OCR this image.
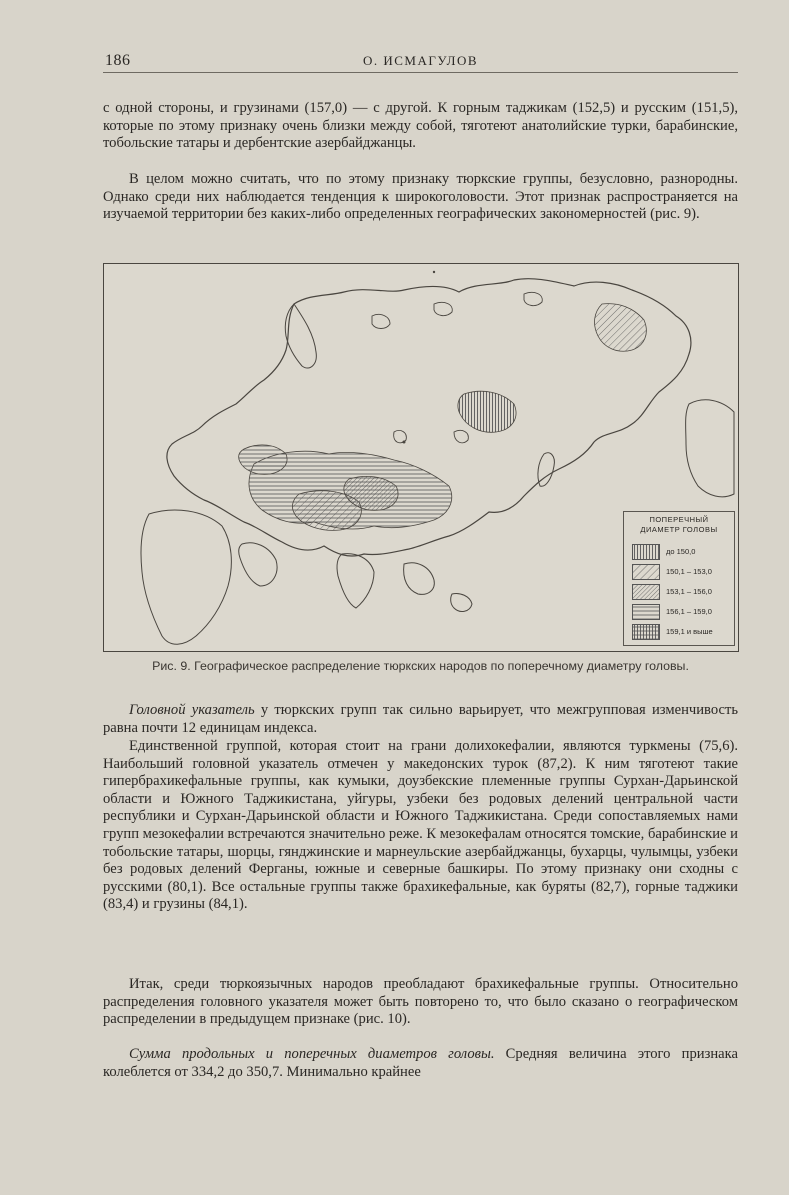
186	О. ИСМАГУЛОВ

с одной стороны, и грузинами (157,0) — с другой. К горным таджикам (152,5) и русским (151,5), которые по этому признаку очень близки между собой, тяготеют анатолийские турки, барабинские, тобольские татары и дербентские азербайджанцы.

В целом можно считать, что по этому признаку тюркские группы, безусловно, разнородны. Однако среди них наблюдается тенденция к широкоголовости. Этот признак распространяется на изучаемой территории без каких-либо определенных географических закономерностей (рис. 9).

ПОПЕРЕЧНЫЙ
ДИАМЕТР ГОЛОВЫ
до 150,0
150,1 – 153,0
153,1 – 156,0
156,1 – 159,0
159,1 и выше
Рис. 9. Географическое распределение тюркских народов по поперечному диаметру головы.

Головной указатель у тюркских групп так сильно варьирует, что межгрупповая изменчивость равна почти 12 единицам индекса.

Единственной группой, которая стоит на грани долихокефалии, являются туркмены (75,6). Наибольший головной указатель отмечен у македонских турок (87,2). К ним тяготеют такие гипербрахикефальные группы, как кумыки, доузбекские племенные группы Сурхан-Дарьинской области и Южного Таджикистана, уйгуры, узбеки без родовых делений центральной части республики и Сурхан-Дарьинской области и Южного Таджикистана. Среди сопоставляемых нами групп мезокефалии встречаются значительно реже. К мезокефалам относятся томские, барабинские и тобольские татары, шорцы, гянджинские и марнеульские азербайджанцы, бухарцы, чулымцы, узбеки без родовых делений Ферганы, южные и северные башкиры. По этому признаку они сходны с русскими (80,1). Все остальные группы также брахикефальные, как буряты (82,7), горные таджики (83,4) и грузины (84,1).

Итак, среди тюркоязычных народов преобладают брахикефальные группы. Относительно распределения головного указателя может быть повторено то, что было сказано о географическом распределении в предыдущем признаке (рис. 10).

Сумма продольных и поперечных диаметров головы. Средняя величина этого признака колеблется от 334,2 до 350,7. Минимально крайнее
